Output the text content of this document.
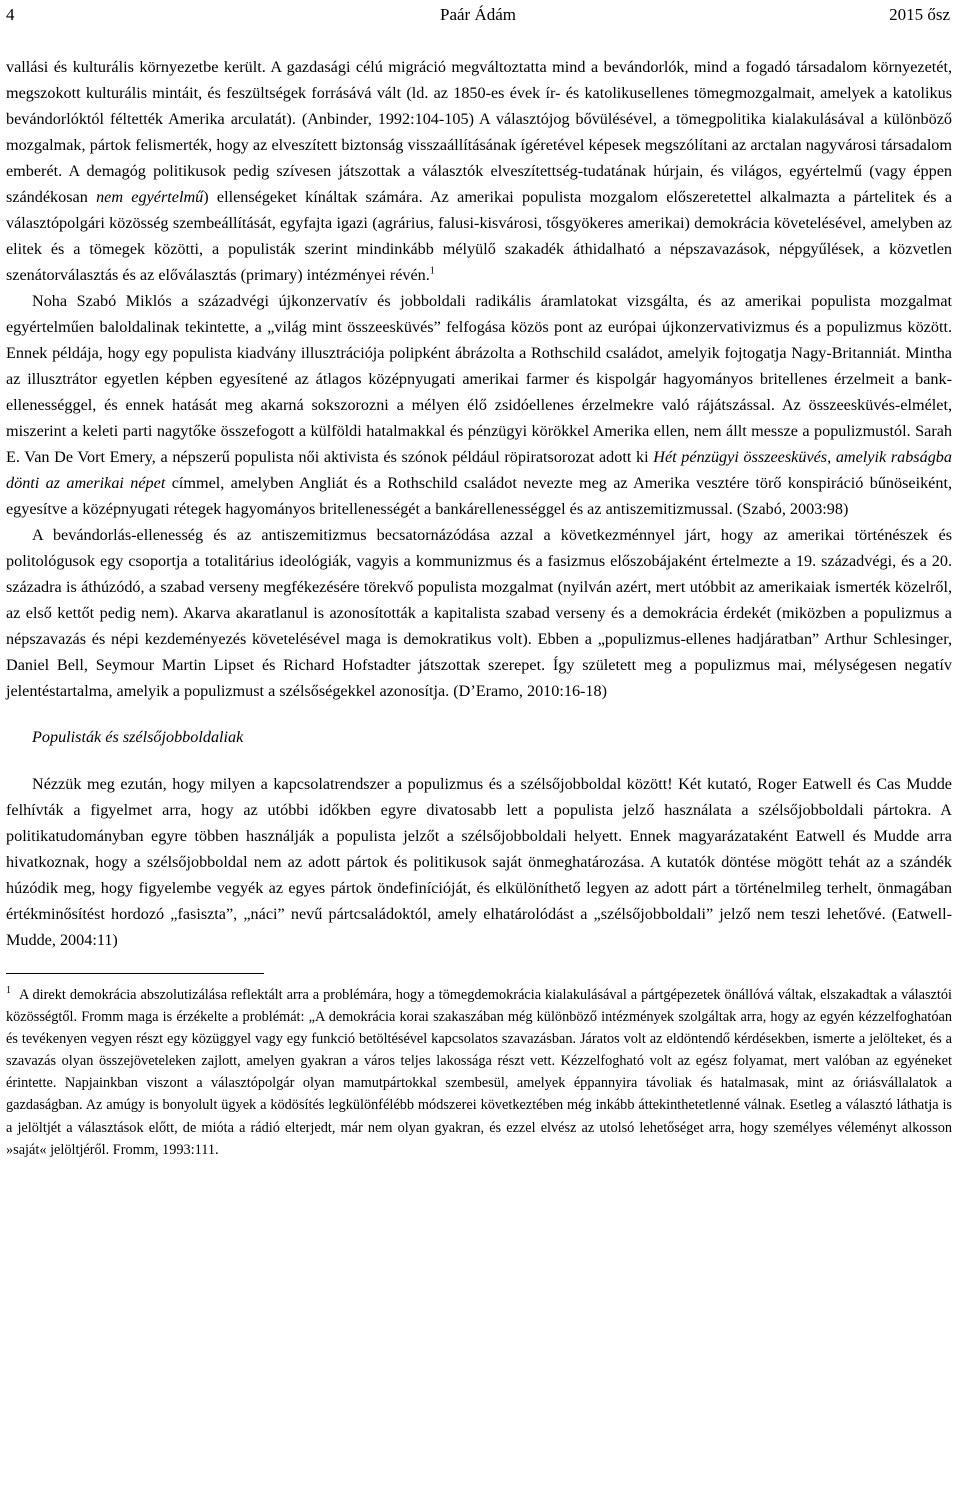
4	Paár Ádám	2015 ősz

vallási és kulturális környezetbe került. A gazdasági célú migráció megváltoztatta mind a bevándorlók, mind a fogadó társadalom környezetét, megszokott kulturális mintáit, és feszültségek forrásává vált (ld. az 1850-es évek ír- és katolikusellenes tömegmozgalmait, amelyek a katolikus bevándorlóktól féltették Amerika arculatát). (Anbinder, 1992:104-105) A választójog bővülésével, a tömegpolitika kialakulásával a különböző mozgalmak, pártok felismerték, hogy az elveszített biztonság visszaállításának ígéretével képesek megszólítani az arctalan nagyvárosi társadalom emberét. A demagóg politikusok pedig szívesen játszottak a választók elveszítettség-tudatának húrjain, és világos, egyértelmű (vagy éppen szándékosan nem egyértelmű) ellenségeket kínáltak számára. Az amerikai populista mozgalom előszeretettel alkalmazta a pártelitek és a választópolgári közösség szembeállítását, egyfajta igazi (agrárius, falusi-kisvárosi, tősgyökeres amerikai) demokrácia követelésével, amelyben az elitek és a tömegek közötti, a populisták szerint mindinkább mélyülő szakadék áthidalható a népszavazások, népgyűlések, a közvetlen szenátorválasztás és az előválasztás (primary) intézményei révén.$^1$

Noha Szabó Miklós a századvégi újkonzervatív és jobboldali radikális áramlatokat vizsgálta, és az amerikai populista mozgalmat egyértelműen baloldalinak tekintette, a „világ mint összeesküvés” felfogása közös pont az európai újkonzervativizmus és a populizmus között. Ennek példája, hogy egy populista kiadvány illusztrációja polipként ábrázolta a Rothschild családot, amelyik fojtogatja Nagy-Britanniát. Mintha az illusztrátor egyetlen képben egyesítené az átlagos középnyugati amerikai farmer és kispolgár hagyományos britellenes érzelmeit a bank-ellenességgel, és ennek hatását meg akarná sokszorozni a mélyen élő zsidóellenes érzelmekre való rájátszással. Az összeesküvés-elmélet, miszerint a keleti parti nagytőke összefogott a külföldi hatalmakkal és pénzügyi körökkel Amerika ellen, nem állt messze a populizmustól. Sarah E. Van De Vort Emery, a népszerű populista női aktivista és szónok például röpiratsorozat adott ki Hét pénzügyi összeesküvés, amelyik rabságba dönti az amerikai népet címmel, amelyben Angliát és a Rothschild családot nevezte meg az Amerika vesztére törő konspiráció bűnöseiként, egyesítve a középnyugati rétegek hagyományos britellenességét a bankárellenességgel és az antiszemitizmussal. (Szabó, 2003:98)

A bevándorlás-ellenesség és az antiszemitizmus becsatornázódása azzal a következménnyel járt, hogy az amerikai történészek és politológusok egy csoportja a totalitárius ideológiák, vagyis a kommunizmus és a fasizmus előszobájaként értelmezte a 19. századvégi, és a 20. századra is áthúzódó, a szabad verseny megfékezésére törekvő populista mozgalmat (nyilván azért, mert utóbbit az amerikaiak ismerték közelről, az első kettőt pedig nem). Akarva akaratlanul is azonosították a kapitalista szabad verseny és a demokrácia érdekét (miközben a populizmus a népszavazás és népi kezdeményezés követelésével maga is demokratikus volt). Ebben a „populizmus-ellenes hadjáratban” Arthur Schlesinger, Daniel Bell, Seymour Martin Lipset és Richard Hofstadter játszottak szerepet. Így született meg a populizmus mai, mélységesen negatív jelentéstartalma, amelyik a populizmust a szélsőségekkel azonosítja. (D’Eramo, 2010:16-18)

Populisták és szélsőjobboldaliak

Nézzük meg ezután, hogy milyen a kapcsolatrendszer a populizmus és a szélsőjobboldal között! Két kutató, Roger Eatwell és Cas Mudde felhívták a figyelmet arra, hogy az utóbbi időkben egyre divatosabb lett a populista jelző használata a szélsőjobboldali pártokra. A politikatudományban egyre többen használják a populista jelzőt a szélsőjobboldali helyett. Ennek magyarázataként Eatwell és Mudde arra hivatkoznak, hogy a szélsőjobboldal nem az adott pártok és politikusok saját önmeghatározása. A kutatók döntése mögött tehát az a szándék húzódik meg, hogy figyelembe vegyék az egyes pártok öndefinícióját, és elkülöníthető legyen az adott párt a történelmileg terhelt, önmagában értékminősítést hordozó „fasiszta”, „náci” nevű pártcsaládoktól, amely elhatárolódást a „szélsőjobboldali” jelző nem teszi lehetővé. (Eatwell-Mudde, 2004:11)

$^1$ A direkt demokrácia abszolutizálása reflektált arra a problémára, hogy a tömegdemokrácia kialakulásával a pártgépezetek önállóvá váltak, elszakadtak a választói közösségtől. Fromm maga is érzékelte a problémát: „A demokrácia korai szakaszában még különböző intézmények szolgáltak arra, hogy az egyén kézzelfoghatóan és tevékenyen vegyen részt egy közüggyel vagy egy funkció betöltésével kapcsolatos szavazásban. Járatos volt az eldöntendő kérdésekben, ismerte a jelölteket, és a szavazás olyan összejöveteleken zajlott, amelyen gyakran a város teljes lakossága részt vett. Kézzelfogható volt az egész folyamat, mert valóban az egyéneket érintette. Napjainkban viszont a választópolgár olyan mamutpártokkal szembesül, amelyek éppannyira távoliak és hatalmasak, mint az óriásvállalatok a gazdaságban. Az amúgy is bonyolult ügyek a ködösítés legkülönfélébb módszerei következtében még inkább áttekinthetetlenné válnak. Esetleg a választó láthatja is a jelöltjét a választások előtt, de mióta a rádió elterjedt, már nem olyan gyakran, és ezzel elvész az utolsó lehetőséget arra, hogy személyes véleményt alkosson »saját« jelöltjéről. Fromm, 1993:111.
